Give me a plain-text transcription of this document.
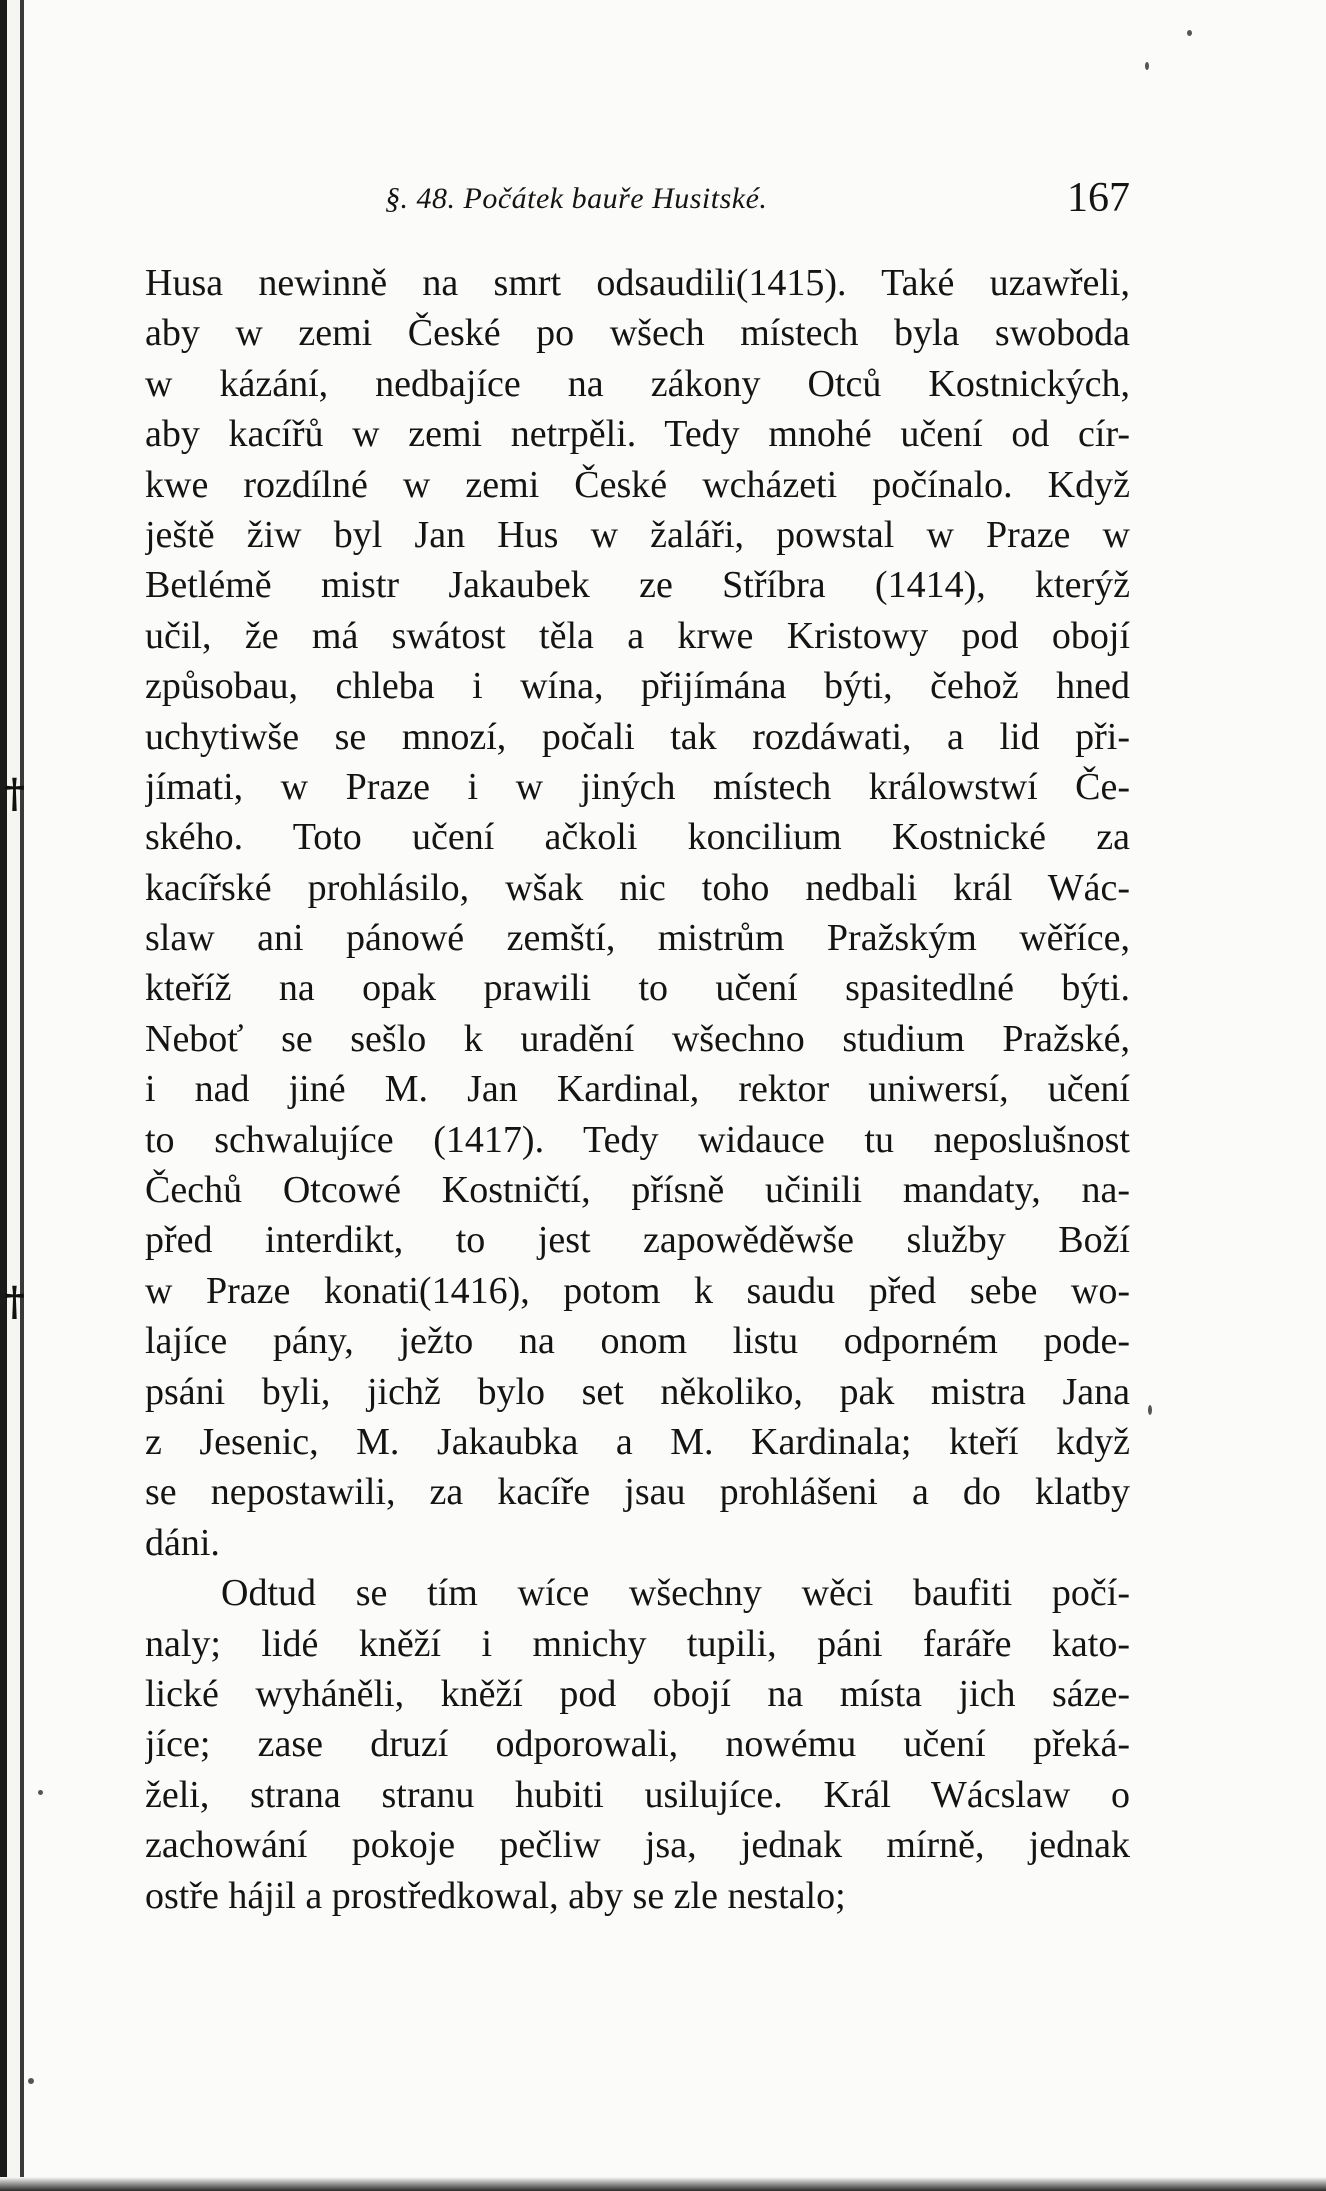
†
†
§. 48. Počátek bauře Husitské.	167
Husa newinně na smrt odsaudili(1415). Také uzawřeli,
aby w zemi České po wšech místech byla swoboda
w kázání, nedbajíce na zákony Otců Kostnických,
aby kacířů w zemi netrpěli. Tedy mnohé učení od cír-
kwe rozdílné w zemi České wcházeti počínalo. Když
ještě žiw byl Jan Hus w žaláři, powstal w Praze w
Betlémě mistr Jakaubek ze Stříbra (1414), kterýž
učil, že má swátost těla a krwe Kristowy pod obojí
způsobau, chleba i wína, přijímána býti, čehož hned
uchytiwše se mnozí, počali tak rozdáwati, a lid při-
jímati, w Praze i w jiných místech králowstwí Če-
ského. Toto učení ačkoli koncilium Kostnické za
kacířské prohlásilo, wšak nic toho nedbali král Wác-
slaw ani pánowé zemští, mistrům Pražským wěříce,
kteříž na opak prawili to učení spasitedlné býti.
Neboť se sešlo k uradění wšechno studium Pražské,
i nad jiné M. Jan Kardinal, rektor uniwersí, učení
to schwalujíce (1417). Tedy widauce tu neposlušnost
Čechů Otcowé Kostničtí, přísně učinili mandaty, na-
před interdikt, to jest zapowěděwše služby Boží
w Praze konati(1416), potom k saudu před sebe wo-
lajíce pány, ježto na onom listu odporném pode-
psáni byli, jichž bylo set několiko, pak mistra Jana
z Jesenic, M. Jakaubka a M. Kardinala; kteří když
se nepostawili, za kacíře jsau prohlášeni a do klatby
dáni.
Odtud se tím wíce wšechny wěci baufiti počí-
naly; lidé kněží i mnichy tupili, páni faráře kato-
lické wyháněli, kněží pod obojí na místa jich sáze-
jíce; zase druzí odporowali, nowému učení překá-
želi, strana stranu hubiti usilujíce. Král Wácslaw o
zachowání pokoje pečliw jsa, jednak mírně, jednak
ostře hájil a prostředkowal, aby se zle nestalo;
